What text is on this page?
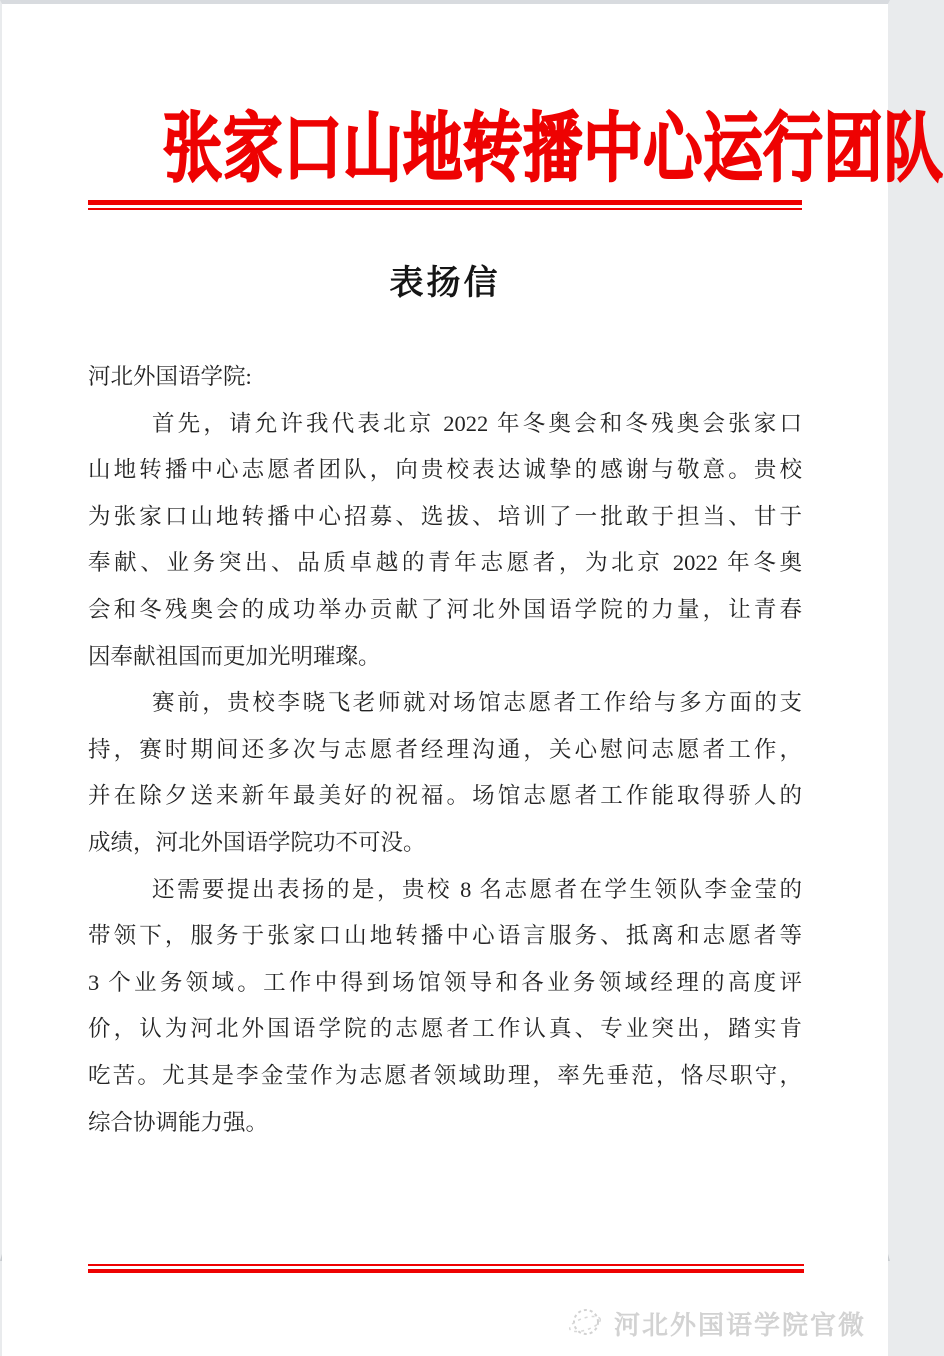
张家口山地转播中心运行团队
表扬信
河北外国语学院:
首先，请允许我代表北京 2022 年冬奥会和冬残奥会张家口
山地转播中心志愿者团队，向贵校表达诚挚的感谢与敬意。贵校
为张家口山地转播中心招募、选拔、培训了一批敢于担当、甘于
奉献、业务突出、品质卓越的青年志愿者，为北京 2022 年冬奥
会和冬残奥会的成功举办贡献了河北外国语学院的力量，让青春
因奉献祖国而更加光明璀璨。
赛前，贵校李晓飞老师就对场馆志愿者工作给与多方面的支
持，赛时期间还多次与志愿者经理沟通，关心慰问志愿者工作，
并在除夕送来新年最美好的祝福。场馆志愿者工作能取得骄人的
成绩，河北外国语学院功不可没。
还需要提出表扬的是，贵校 8 名志愿者在学生领队李金莹的
带领下，服务于张家口山地转播中心语言服务、抵离和志愿者等
3 个业务领域。工作中得到场馆领导和各业务领域经理的高度评
价，认为河北外国语学院的志愿者工作认真、专业突出，踏实肯
吃苦。尤其是李金莹作为志愿者领域助理，率先垂范，恪尽职守，
综合协调能力强。
河北外国语学院官微
